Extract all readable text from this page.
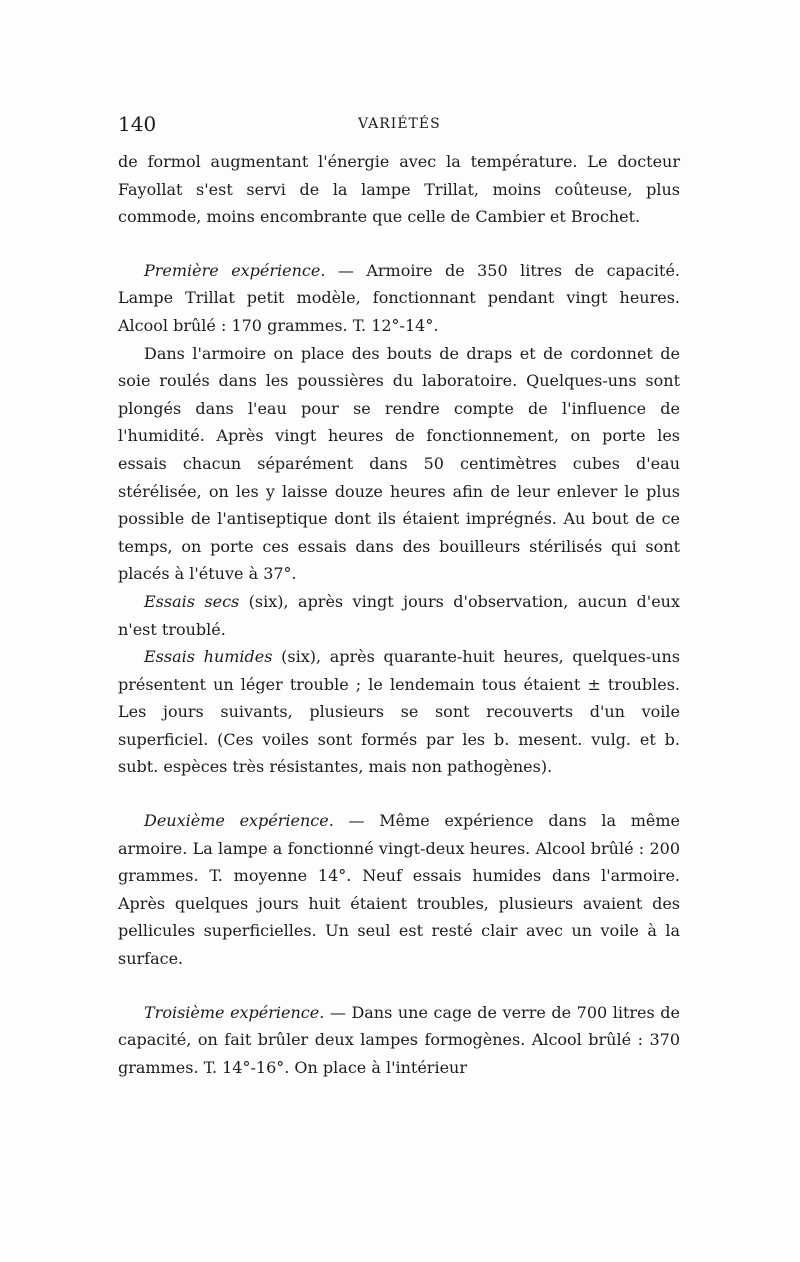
140	VARIÉTÉS

de formol augmentant l'énergie avec la température. Le docteur Fayollat s'est servi de la lampe Trillat, moins coûteuse, plus commode, moins encombrante que celle de Cambier et Brochet.

Première expérience. — Armoire de 350 litres de capacité. Lampe Trillat petit modèle, fonctionnant pendant vingt heures. Alcool brûlé : 170 grammes. T. 12°-14°.

Dans l'armoire on place des bouts de draps et de cordonnet de soie roulés dans les poussières du laboratoire. Quelques-uns sont plongés dans l'eau pour se rendre compte de l'influence de l'humidité. Après vingt heures de fonctionnement, on porte les essais chacun séparément dans 50 centimètres cubes d'eau stérélisée, on les y laisse douze heures afin de leur enlever le plus possible de l'antiseptique dont ils étaient imprégnés. Au bout de ce temps, on porte ces essais dans des bouilleurs stérilisés qui sont placés à l'étuve à 37°.

Essais secs (six), après vingt jours d'observation, aucun d'eux n'est troublé.

Essais humides (six), après quarante-huit heures, quelques-uns présentent un léger trouble ; le lendemain tous étaient ± troubles. Les jours suivants, plusieurs se sont recouverts d'un voile superficiel. (Ces voiles sont formés par les b. mesent. vulg. et b. subt. espèces très résistantes, mais non pathogènes).

Deuxième expérience. — Même expérience dans la même armoire. La lampe a fonctionné vingt-deux heures. Alcool brûlé : 200 grammes. T. moyenne 14°. Neuf essais humides dans l'armoire. Après quelques jours huit étaient troubles, plusieurs avaient des pellicules superficielles. Un seul est resté clair avec un voile à la surface.

Troisième expérience. — Dans une cage de verre de 700 litres de capacité, on fait brûler deux lampes formogènes. Alcool brûlé : 370 grammes. T. 14°-16°. On place à l'intérieur
